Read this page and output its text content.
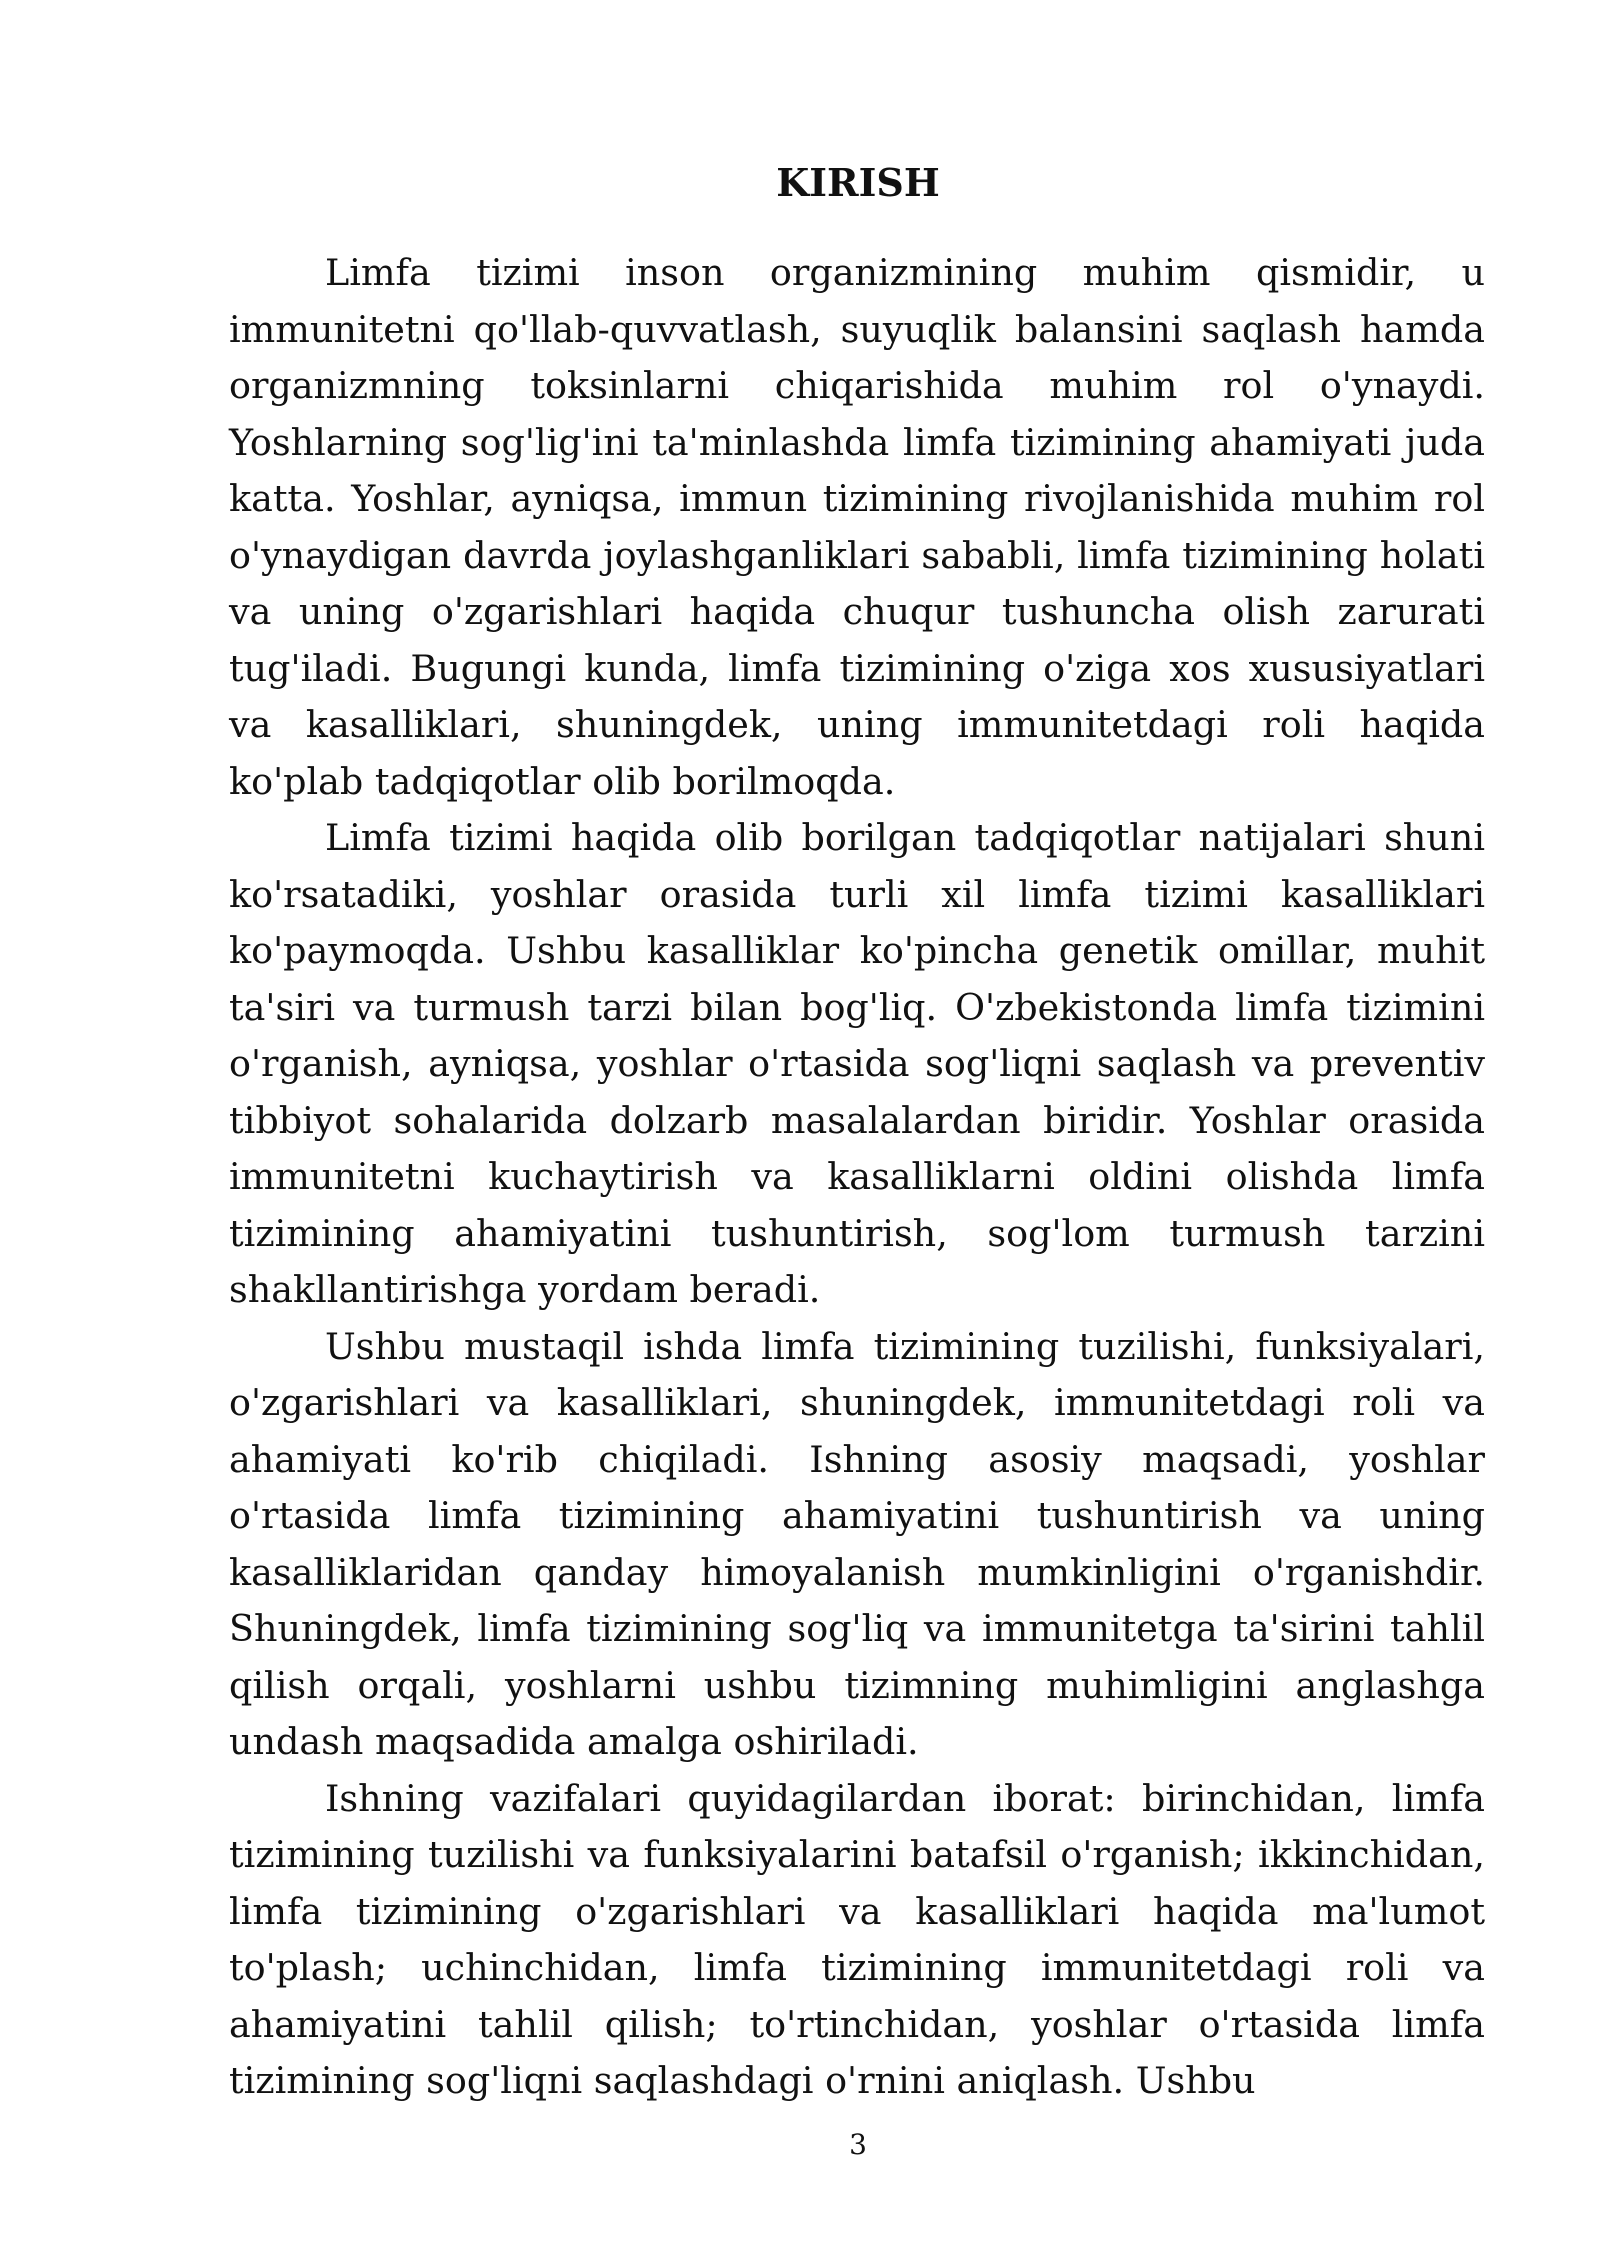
KIRISH

Limfa tizimi inson organizmining muhim qismidir, u immunitetni qo'llab-quvvatlash, suyuqlik balansini saqlash hamda organizmning toksinlarni chiqarishida muhim rol o'ynaydi. Yoshlarning sog'lig'ini ta'minlashda limfa tizimining ahamiyati juda katta. Yoshlar, ayniqsa, immun tizimining rivojlanishida muhim rol o'ynaydigan davrda joylashganliklari sababli, limfa tizimining holati va uning o'zgarishlari haqida chuqur tushuncha olish zarurati tug'iladi. Bugungi kunda, limfa tizimining o'ziga xos xususiyatlari va kasalliklari, shuningdek, uning immunitetdagi roli haqida ko'plab tadqiqotlar olib borilmoqda.

Limfa tizimi haqida olib borilgan tadqiqotlar natijalari shuni ko'rsatadiki, yoshlar orasida turli xil limfa tizimi kasalliklari ko'paymoqda. Ushbu kasalliklar ko'pincha genetik omillar, muhit ta'siri va turmush tarzi bilan bog'liq. O'zbekistonda limfa tizimini o'rganish, ayniqsa, yoshlar o'rtasida sog'liqni saqlash va preventiv tibbiyot sohalarida dolzarb masalalardan biridir. Yoshlar orasida immunitetni kuchaytirish va kasalliklarni oldini olishda limfa tizimining ahamiyatini tushuntirish, sog'lom turmush tarzini shakllantirishga yordam beradi.

Ushbu mustaqil ishda limfa tizimining tuzilishi, funksiyalari, o'zgarishlari va kasalliklari, shuningdek, immunitetdagi roli va ahamiyati ko'rib chiqiladi. Ishning asosiy maqsadi, yoshlar o'rtasida limfa tizimining ahamiyatini tushuntirish va uning kasalliklaridan qanday himoyalanish mumkinligini o'rganishdir. Shuningdek, limfa tizimining sog'liq va immunitetga ta'sirini tahlil qilish orqali, yoshlarni ushbu tizimning muhimligini anglashga undash maqsadida amalga oshiriladi.

Ishning vazifalari quyidagilardan iborat: birinchidan, limfa tizimining tuzilishi va funksiyalarini batafsil o'rganish; ikkinchidan, limfa tizimining o'zgarishlari va kasalliklari haqida ma'lumot to'plash; uchinchidan, limfa tizimining immunitetdagi roli va ahamiyatini tahlil qilish; to'rtinchidan, yoshlar o'rtasida limfa tizimining sog'liqni saqlashdagi o'rnini aniqlash. Ushbu

3
